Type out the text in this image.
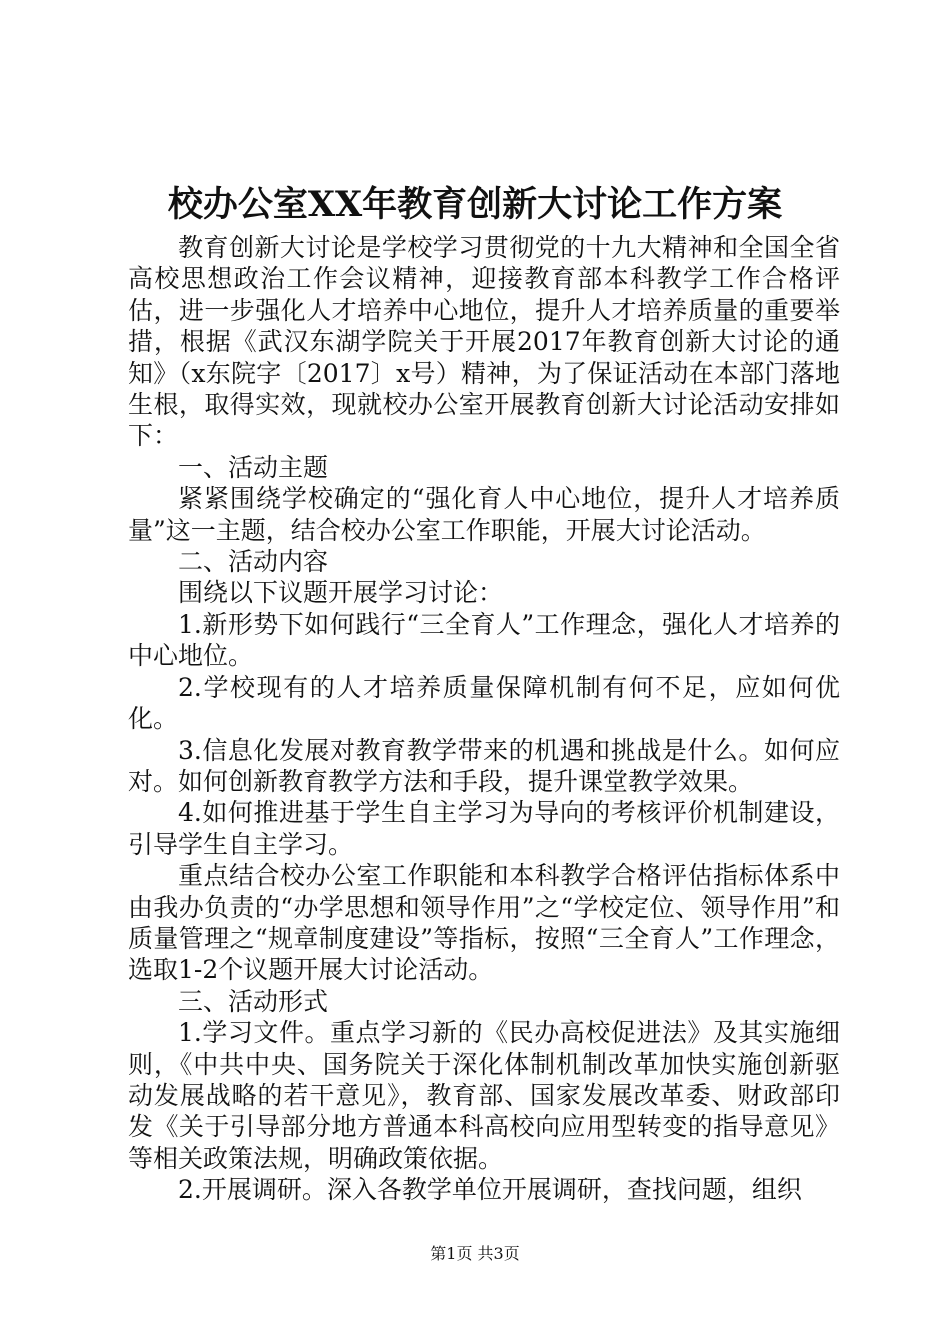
校办公室XX年教育创新大讨论工作方案

教育创新大讨论是学校学习贯彻党的十九大精神和全国全省高校思想政治工作会议精神，迎接教育部本科教学工作合格评估，进一步强化人才培养中心地位，提升人才培养质量的重要举措，根据《武汉东湖学院关于开展2017年教育创新大讨论的通知》（x东院字〔2017〕x号）精神，为了保证活动在本部门落地生根，取得实效，现就校办公室开展教育创新大讨论活动安排如下：

一、活动主题

紧紧围绕学校确定的“强化育人中心地位，提升人才培养质量”这一主题，结合校办公室工作职能，开展大讨论活动。

二、活动内容

围绕以下议题开展学习讨论：

1.新形势下如何践行“三全育人”工作理念，强化人才培养的中心地位。

2.学校现有的人才培养质量保障机制有何不足，应如何优化。

3.信息化发展对教育教学带来的机遇和挑战是什么。如何应对。如何创新教育教学方法和手段，提升课堂教学效果。

4.如何推进基于学生自主学习为导向的考核评价机制建设，引导学生自主学习。

重点结合校办公室工作职能和本科教学合格评估指标体系中由我办负责的“办学思想和领导作用”之“学校定位、领导作用”和质量管理之“规章制度建设”等指标，按照“三全育人”工作理念，选取1-2个议题开展大讨论活动。

三、活动形式

1.学习文件。重点学习新的《民办高校促进法》及其实施细则，《中共中央、国务院关于深化体制机制改革加快实施创新驱动发展战略的若干意见》，教育部、国家发展改革委、财政部印发《关于引导部分地方普通本科高校向应用型转变的指导意见》等相关政策法规，明确政策依据。

2.开展调研。深入各教学单位开展调研，查找问题，组织

第1页 共3页
